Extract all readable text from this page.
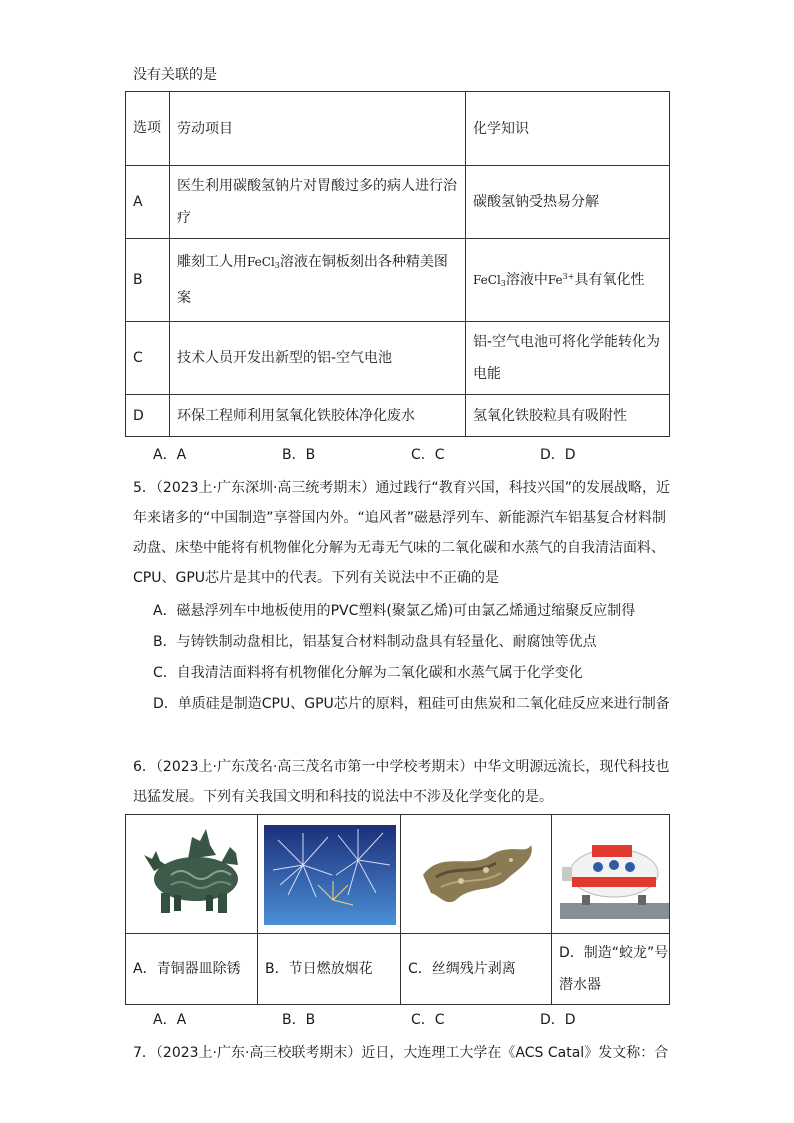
没有关联的是
选项	劳动项目	化学知识
A	医生利用碳酸氢钠片对胃酸过多的病人进行治疗	碳酸氢钠受热易分解
B	雕刻工人用FeCl$_3$溶液在铜板刻出各种精美图案	FeCl$_3$溶液中$Fe^{3+}$具有氧化性
C	技术人员开发出新型的铝-空气电池	铝-空气电池可将化学能转化为电能
D	环保工程师利用氢氧化铁胶体净化废水	氢氧化铁胶粒具有吸附性
A．A	B．B	C．C	D．D
5．（2023上·广东深圳·高三统考期末）通过践行“教育兴国，科技兴国”的发展战略，近年来诸多的“中国制造”享誉国内外。“追风者”磁悬浮列车、新能源汽车铝基复合材料制动盘、床垫中能将有机物催化分解为无毒无气味的二氧化碳和水蒸气的自我清洁面料、CPU、GPU芯片是其中的代表。下列有关说法中不正确的是
A．磁悬浮列车中地板使用的PVC塑料(聚氯乙烯)可由氯乙烯通过缩聚反应制得
B．与铸铁制动盘相比，铝基复合材料制动盘具有轻量化、耐腐蚀等优点
C．自我清洁面料将有机物催化分解为二氧化碳和水蒸气属于化学变化
D．单质硅是制造CPU、GPU芯片的原料，粗硅可由焦炭和二氧化硅反应来进行制备
6．（2023上·广东茂名·高三茂名市第一中学校考期末）中华文明源远流长，现代科技也迅猛发展。下列有关我国文明和科技的说法中不涉及化学变化的是。

A．青铜器皿除锈	B．节日燃放烟花	C．丝绸残片剥离	D．制造“蛟龙”号潜水器
A．A	B．B	C．C	D．D
7．（2023上·广东·高三校联考期末）近日，大连理工大学在《ACS Catal》发文称：合
